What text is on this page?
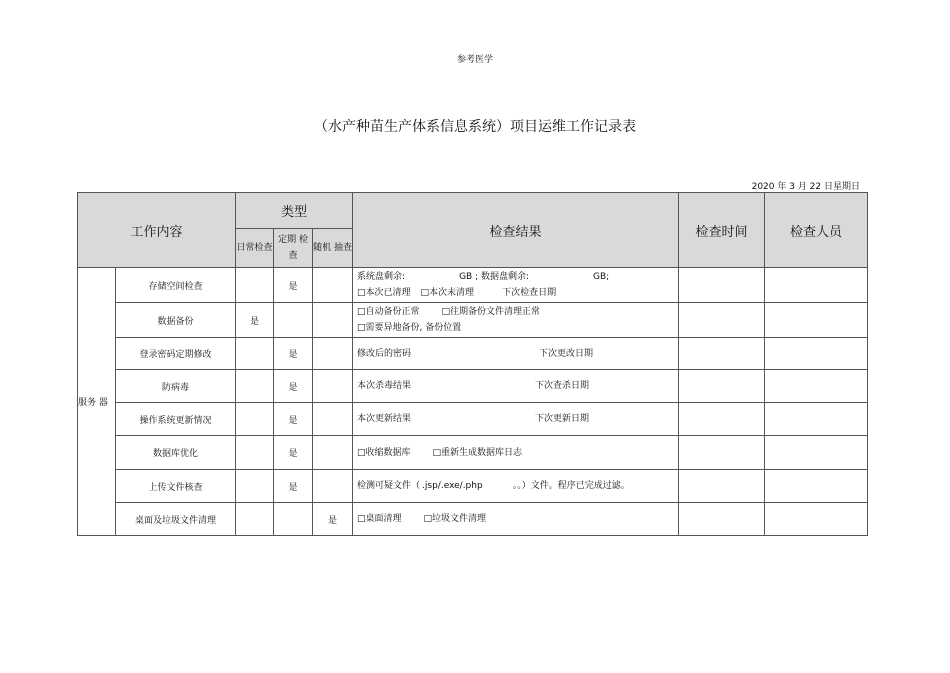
参考医学
（水产种苗生产体系信息系统）项目运维工作记录表
2020 年 3 月 22 日星期日
工作内容		类型			检查结果	检查时间	检查人员
		日常检查	定期 检查	随机 抽查			
服务 器	存储空间检查		是		系统盘剩余: GB ; 数据盘剩余: GB;
□本次已清理 □本次未清理 下次检查日期		

	数据备份	是			□自动备份正常 □往期备份文件清理正常
□需要异地备份, 备份位置		

	登录密码定期修改		是		修改后的密码 下次更改日期		
	防病毒		是		本次杀毒结果 下次查杀日期		
	操作系统更新情况		是		本次更新结果 下次更新日期		
	数据库优化		是		□收缩数据库 □重新生成数据库日志		
	上传文件核查		是		检测可疑文件（ .jsp/.exe/.php 。。）文件。程序已完成过滤。		
	桌面及垃圾文件清理			是	□桌面清理 □垃圾文件清理		
